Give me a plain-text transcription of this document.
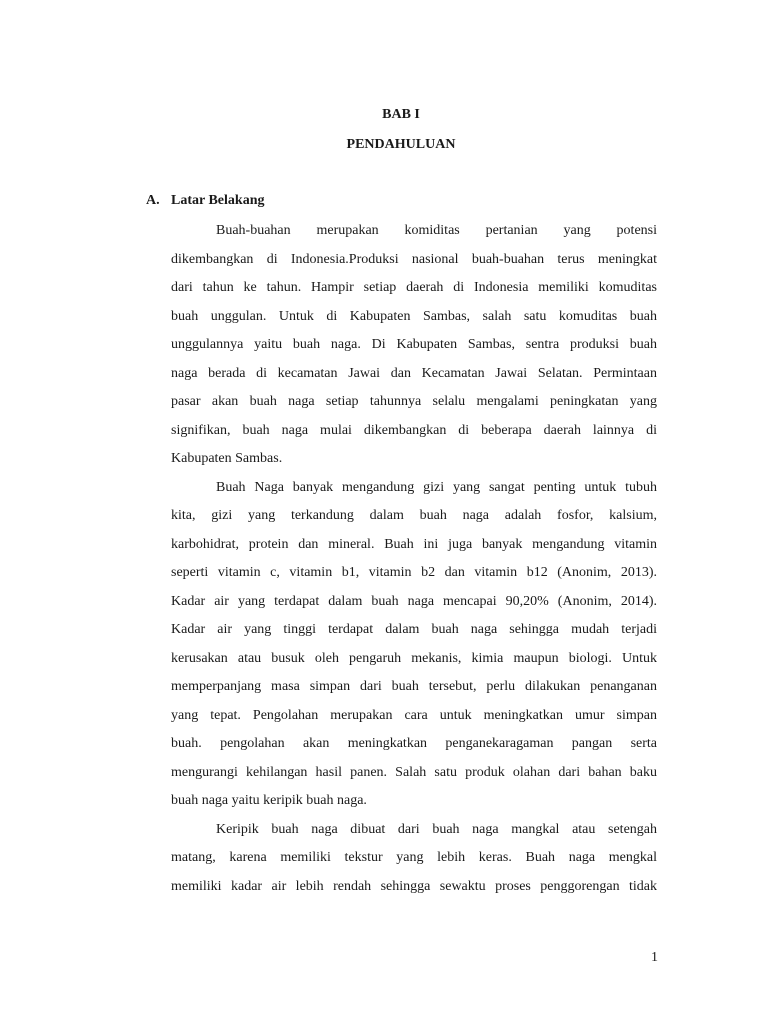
BAB I

PENDAHULUAN

A. Latar Belakang

Buah-buahan merupakan komiditas pertanian yang potensi

dikembangkan di Indonesia.Produksi nasional buah-buahan terus meningkat

dari tahun ke tahun. Hampir setiap daerah di Indonesia memiliki komuditas

buah unggulan. Untuk di Kabupaten Sambas, salah satu komuditas buah

unggulannya yaitu buah naga. Di Kabupaten Sambas, sentra produksi buah

naga berada di kecamatan Jawai dan Kecamatan Jawai Selatan. Permintaan

pasar akan buah naga setiap tahunnya selalu mengalami peningkatan yang

signifikan, buah naga mulai dikembangkan di beberapa daerah lainnya di

Kabupaten Sambas.

Buah Naga banyak mengandung gizi yang sangat penting untuk tubuh

kita, gizi yang terkandung dalam buah naga adalah fosfor, kalsium,

karbohidrat, protein dan mineral. Buah ini juga banyak mengandung vitamin

seperti vitamin c, vitamin b1, vitamin b2 dan vitamin b12 (Anonim, 2013).

Kadar air yang terdapat dalam buah naga mencapai 90,20% (Anonim, 2014).

Kadar air yang tinggi terdapat dalam buah naga sehingga mudah terjadi

kerusakan atau busuk oleh pengaruh mekanis, kimia maupun biologi. Untuk

memperpanjang masa simpan dari buah tersebut, perlu dilakukan penanganan

yang tepat. Pengolahan merupakan cara untuk meningkatkan umur simpan

buah. pengolahan akan meningkatkan penganekaragaman pangan serta

mengurangi kehilangan hasil panen. Salah satu produk olahan dari bahan baku

buah naga yaitu keripik buah naga.

Keripik buah naga dibuat dari buah naga mangkal atau setengah

matang, karena memiliki tekstur yang lebih keras. Buah naga mengkal

memiliki kadar air lebih rendah sehingga sewaktu proses penggorengan tidak

1
